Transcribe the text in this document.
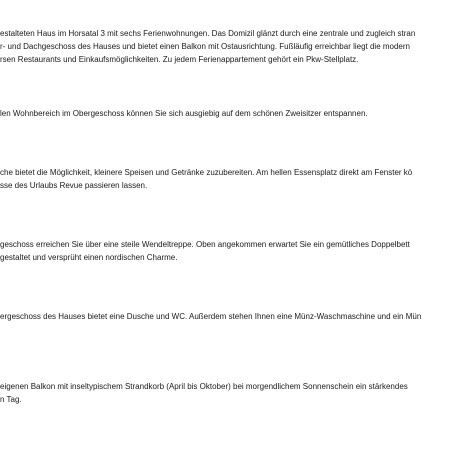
estalteten Haus im Horsatal 3 mit sechs Ferienwohnungen. Das Domizil glänzt durch eine zentrale und zugleich stran
r- und Dachgeschoss des Hauses und bietet einen Balkon mit Ostausrichtung. Fußläufig erreichbar liegt die modern
rsen Restaurants und Einkaufsmöglichkeiten. Zu jedem Ferienappartement gehört ein Pkw-Stellplatz.
len Wohnbereich im Obergeschoss können Sie sich ausgiebig auf dem schönen Zweisitzer entspannen.
che bietet die Möglichkeit, kleinere Speisen und Getränke zuzubereiten. Am hellen Essensplatz direkt am Fenster kö
sse des Urlaubs Revue passieren lassen.
geschoss erreichen Sie über eine steile Wendeltreppe. Oben angekommen erwartet Sie ein gemütliches Doppelbett
gestaltet und versprüht einen nordischen Charme.
ergeschoss des Hauses bietet eine Dusche und WC. Außerdem stehen Ihnen eine Münz-Waschmaschine und ein Mün
eigenen Balkon mit inseltypischem Strandkorb (April bis Oktober) bei morgendlichem Sonnenschein ein stärkendes
n Tag.
